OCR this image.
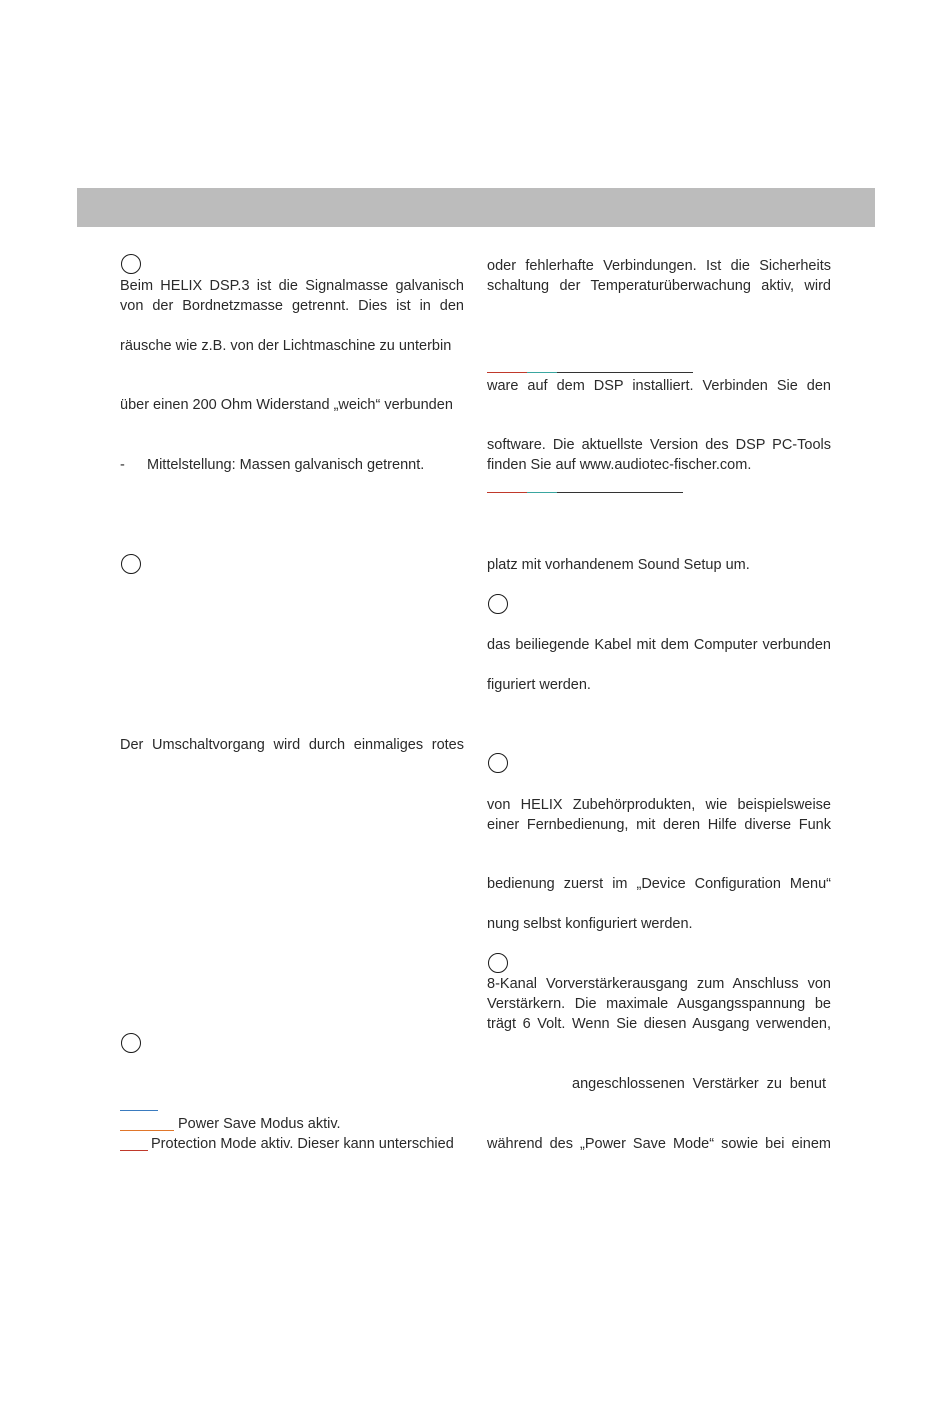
Beim HELIX DSP.3 ist die Signalmasse galvanisch
von der Bordnetzmasse getrennt. Dies ist in den
räusche wie z.B. von der Lichtmaschine zu unterbin
über einen 200 Ohm Widerstand „weich“ verbunden
- Mittelstellung: Massen galvanisch getrennt.
Der Umschaltvorgang wird durch einmaliges rotes
Power Save Modus aktiv.
Protection Mode aktiv. Dieser kann unterschied
oder fehlerhafte Verbindungen. Ist die Sicherheits
schaltung der Temperaturüberwachung aktiv, wird
ware auf dem DSP installiert. Verbinden Sie den
software. Die aktuellste Version des DSP PC-Tools
finden Sie auf www.audiotec-fischer.com.
platz mit vorhandenem Sound Setup um.
das beiliegende Kabel mit dem Computer verbunden
figuriert werden.
von HELIX Zubehörprodukten, wie beispielsweise
einer Fernbedienung, mit deren Hilfe diverse Funk
bedienung zuerst im „Device Configuration Menu“
nung selbst konfiguriert werden.
8-Kanal Vorverstärkerausgang zum Anschluss von
Verstärkern. Die maximale Ausgangsspannung be
trägt 6 Volt. Wenn Sie diesen Ausgang verwenden,
angeschlossenen Verstärker zu benut
während des „Power Save Mode“ sowie bei einem
